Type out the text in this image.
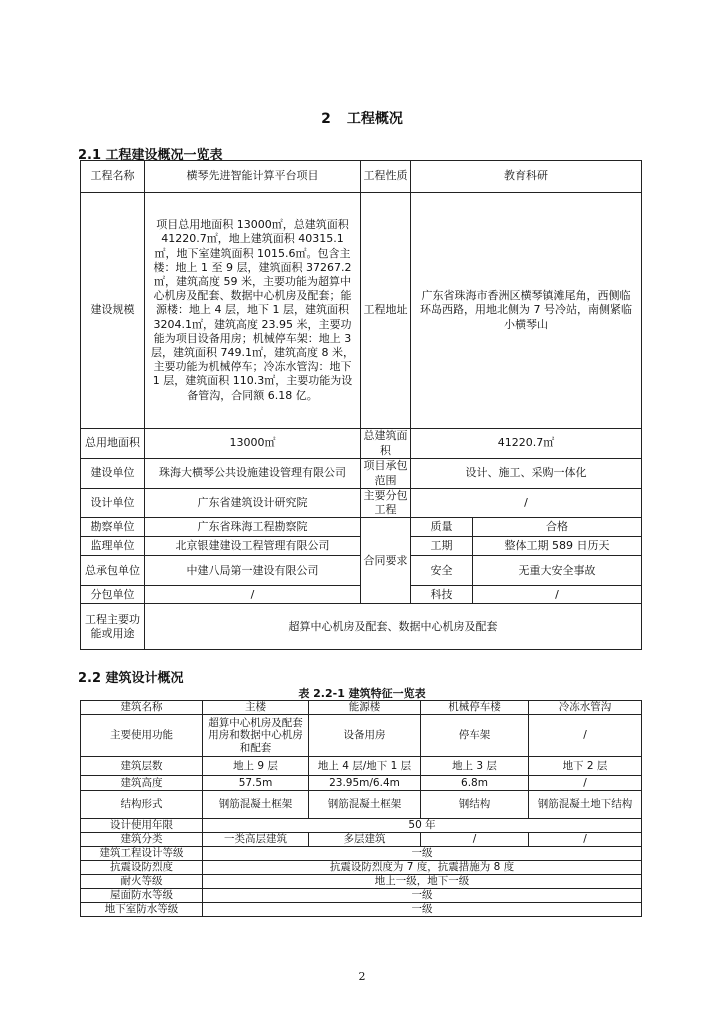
2 工程概况
2.1 工程建设概况一览表
工程名称	横琴先进智能计算平台项目	工程性质	教育科研	
建设规模	项目总用地面积 13000㎡，总建筑面积 41220.7㎡，地上建筑面积 40315.1㎡，地下室建筑面积 1015.6㎡。包含主楼：地上 1 至 9 层，建筑面积 37267.2㎡，建筑高度 59 米，主要功能为超算中心机房及配套、数据中心机房及配套；能源楼：地上 4 层，地下 1 层，建筑面积 3204.1㎡，建筑高度 23.95 米，主要功能为项目设备用房；机械停车架：地上 3 层，建筑面积 749.1㎡，建筑高度 8 米，主要功能为机械停车；冷冻水管沟：地下 1 层，建筑面积 110.3㎡，主要功能为设备管沟，合同额 6.18 亿。	工程地址	广东省珠海市香洲区横琴镇滩尾角，西侧临环岛西路，用地北侧为 7 号冷站，南侧紧临小横琴山	
总用地面积	13000㎡	总建筑面积	41220.7㎡	
建设单位	珠海大横琴公共设施建设管理有限公司	项目承包范围	设计、施工、采购一体化	
设计单位	广东省建筑设计研究院	主要分包工程	/	
勘察单位	广东省珠海工程勘察院	合同要求	质量	合格
监理单位	北京银建建设工程管理有限公司		工期	整体工期 589 日历天
总承包单位	中建八局第一建设有限公司		安全	无重大安全事故
分包单位	/		科技	/
工程主要功能或用途	超算中心机房及配套、数据中心机房及配套			
2.2 建筑设计概况
表 2.2-1 建筑特征一览表
建筑名称	主楼	能源楼	机械停车楼	冷冻水管沟
主要使用功能	超算中心机房及配套用房和数据中心机房和配套	设备用房	停车架	/
建筑层数	地上 9 层	地上 4 层/地下 1 层	地上 3 层	地下 2 层
建筑高度	57.5m	23.95m/6.4m	6.8m	/
结构形式	钢筋混凝土框架	钢筋混凝土框架	钢结构	钢筋混凝土地下结构
设计使用年限	50 年			
建筑分类	一类高层建筑	多层建筑	/	/
建筑工程设计等级	一级			
抗震设防烈度	抗震设防烈度为 7 度，抗震措施为 8 度			
耐火等级	地上一级，地下一级			
屋面防水等级	一级			
地下室防水等级	一级			
2
